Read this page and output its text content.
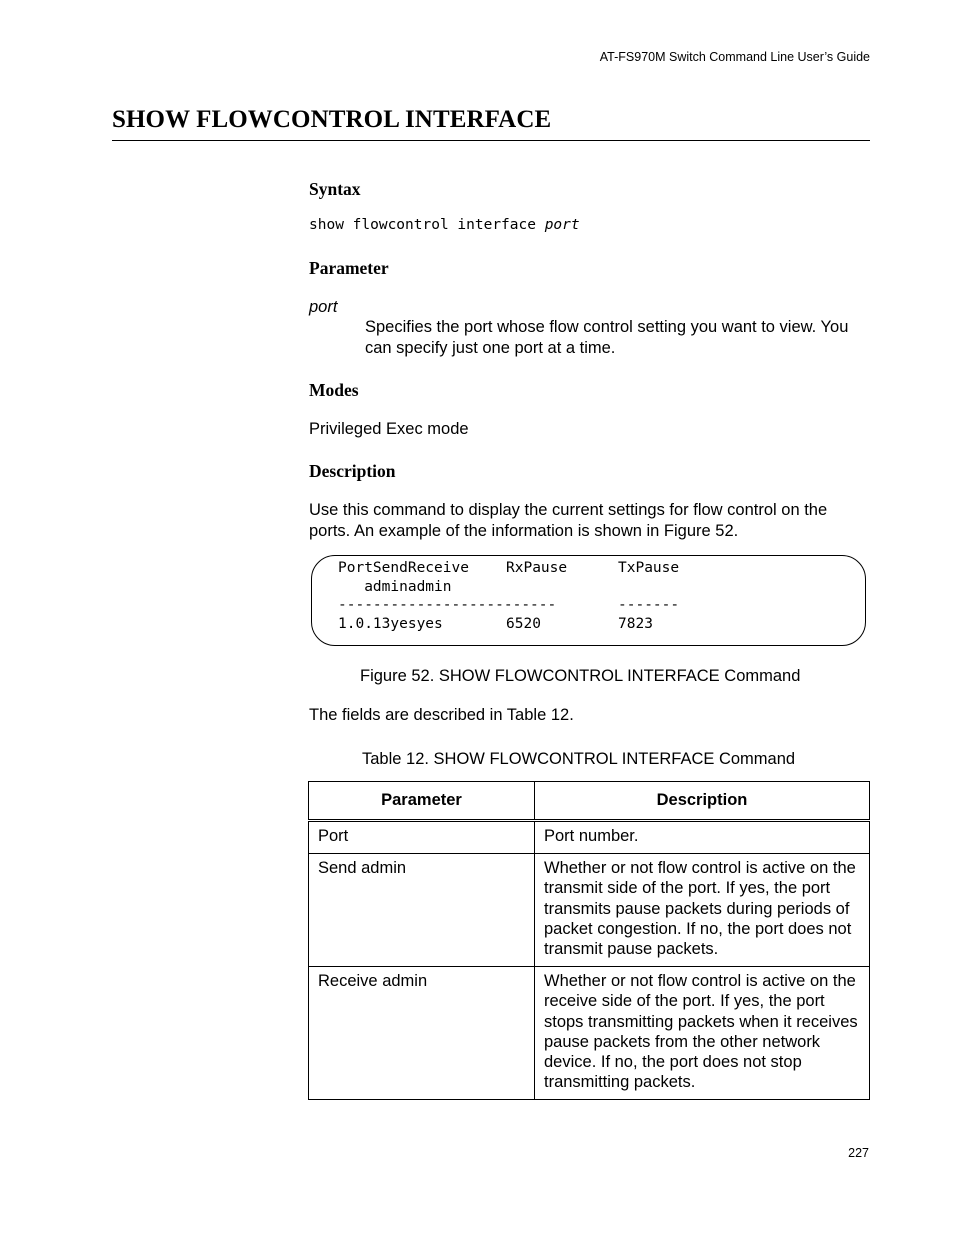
AT-FS970M Switch Command Line User’s Guide
SHOW FLOWCONTROL INTERFACE
Syntax
show flowcontrol interface port
Parameter
port
Specifies the port whose flow control setting you want to view. You can specify just one port at a time.
Modes
Privileged Exec mode
Description
Use this command to display the current settings for flow control on the ports. An example of the information is shown in Figure 52.
PortSendReceive	RxPause	TxPause
adminadmin
-------------------------	-------
1.0.13yesyes	6520	7823
Figure 52. SHOW FLOWCONTROL INTERFACE Command
The fields are described in Table 12.
Table 12. SHOW FLOWCONTROL INTERFACE Command
Parameter	Description
Port	Port number.
Send admin	Whether or not flow control is active on the transmit side of the port. If yes, the port transmits pause packets during periods of packet congestion. If no, the port does not transmit pause packets.
Receive admin	Whether or not flow control is active on the receive side of the port. If yes, the port stops transmitting packets when it receives pause packets from the other network device. If no, the port does not stop transmitting packets.
227
